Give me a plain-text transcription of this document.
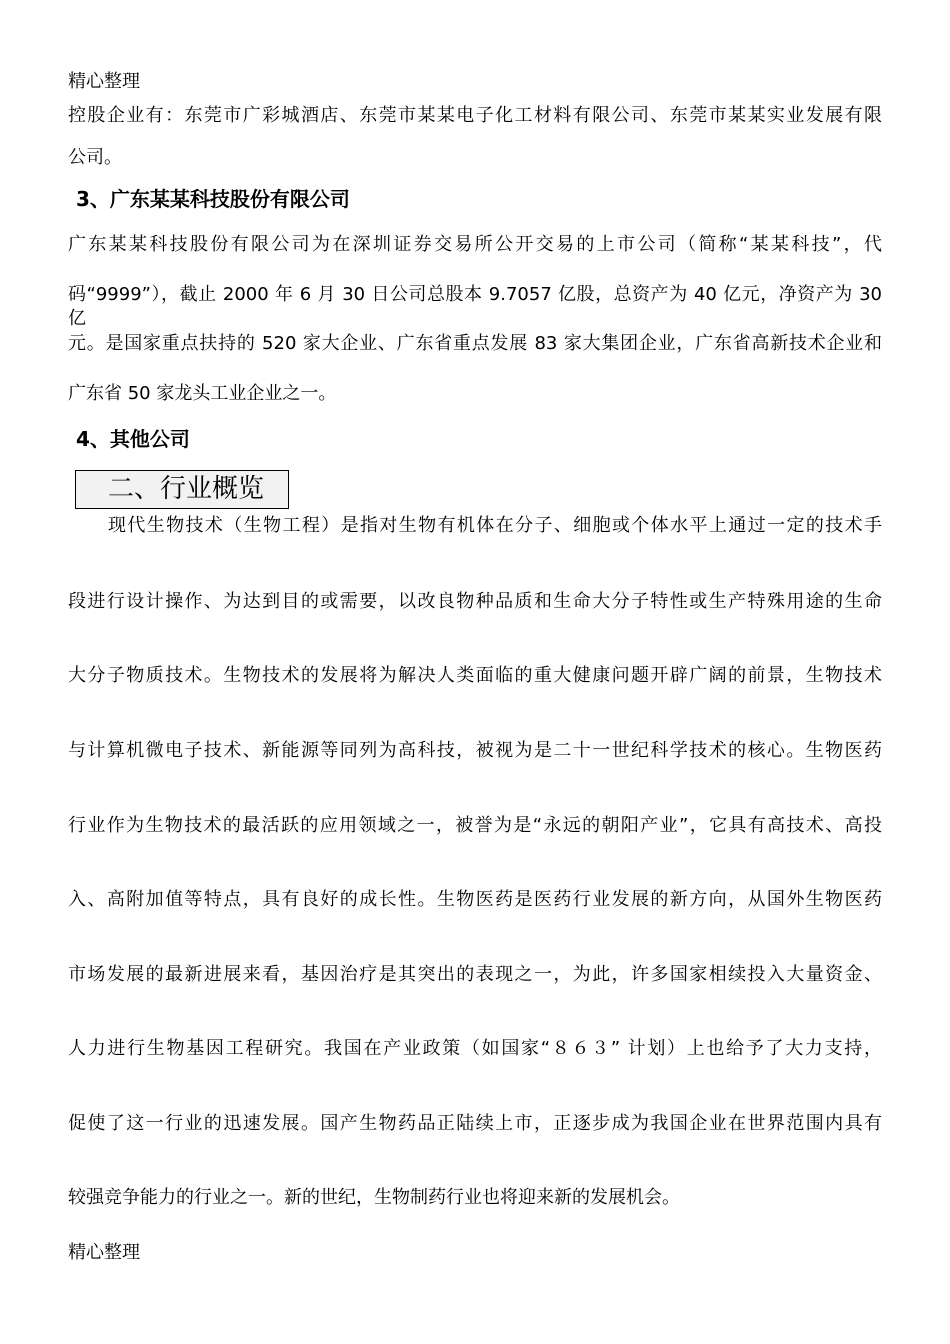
精心整理
控股企业有：东莞市广彩城酒店、东莞市某某电子化工材料有限公司、东莞市某某实业发展有限
公司。
3、广东某某科技股份有限公司
广东某某科技股份有限公司为在深圳证券交易所公开交易的上市公司（简称“某某科技”，代
码“9999”），截止 2000 年 6 月 30 日公司总股本 9.7057 亿股，总资产为 40 亿元，净资产为 30 亿
元。是国家重点扶持的 520 家大企业、广东省重点发展 83 家大集团企业，广东省高新技术企业和
广东省 50 家龙头工业企业之一。
4、其他公司
二、行业概览
现代生物技术（生物工程）是指对生物有机体在分子、细胞或个体水平上通过一定的技术手
段进行设计操作、为达到目的或需要，以改良物种品质和生命大分子特性或生产特殊用途的生命
大分子物质技术。生物技术的发展将为解决人类面临的重大健康问题开辟广阔的前景，生物技术
与计算机微电子技术、新能源等同列为高科技，被视为是二十一世纪科学技术的核心。生物医药
行业作为生物技术的最活跃的应用领域之一，被誉为是“永远的朝阳产业”，它具有高技术、高投
入、高附加值等特点，具有良好的成长性。生物医药是医药行业发展的新方向，从国外生物医药
市场发展的最新进展来看，基因治疗是其突出的表现之一，为此，许多国家相续投入大量资金、
人力进行生物基因工程研究。我国在产业政策（如国家“８６３” 计划）上也给予了大力支持，
促使了这一行业的迅速发展。国产生物药品正陆续上市，正逐步成为我国企业在世界范围内具有
较强竞争能力的行业之一。新的世纪，生物制药行业也将迎来新的发展机会。
精心整理
